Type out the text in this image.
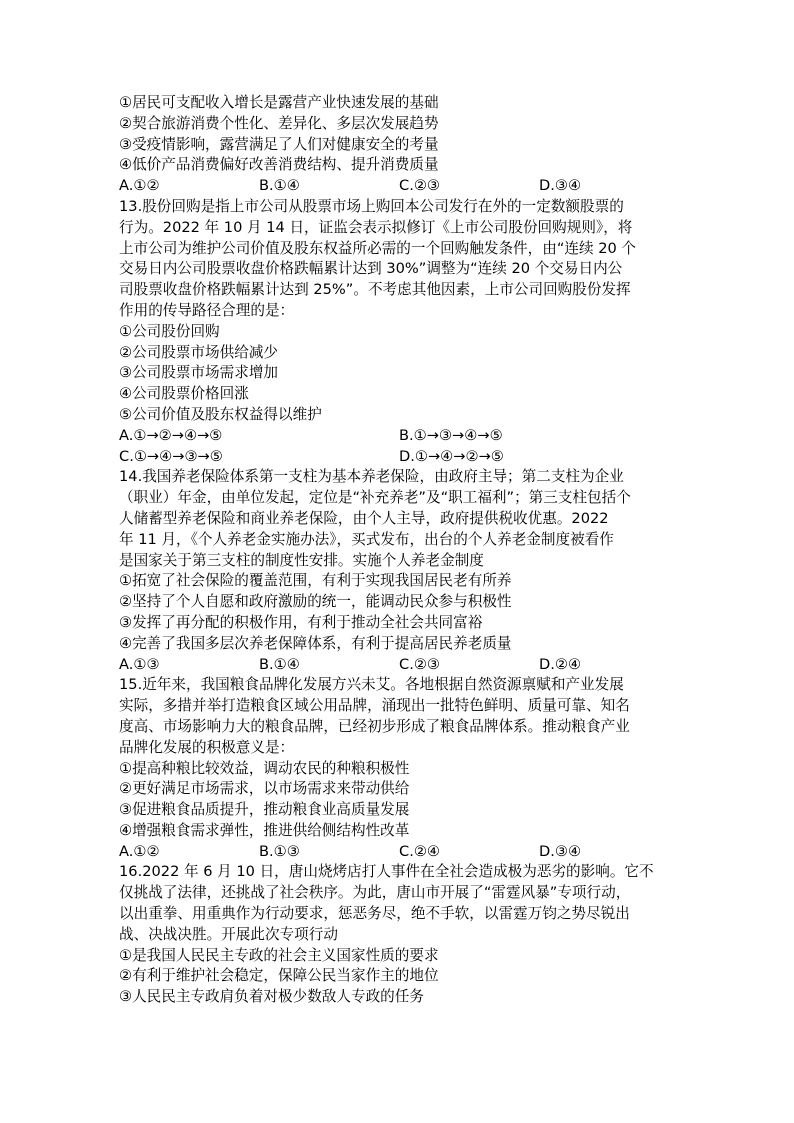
①居民可支配收入增长是露营产业快速发展的基础
②契合旅游消费个性化、差异化、多层次发展趋势
③受疫情影响，露营满足了人们对健康安全的考量
④低价产品消费偏好改善消费结构、提升消费质量
A.①②	B.①④	C.②③	D.③④
13.股份回购是指上市公司从股票市场上购回本公司发行在外的一定数额股票的
行为。2022 年 10 月 14 日，证监会表示拟修订《上市公司股份回购规则》，将
上市公司为维护公司价值及股东权益所必需的一个回购触发条件，由“连续 20 个
交易日内公司股票收盘价格跌幅累计达到 30%”调整为“连续 20 个交易日内公
司股票收盘价格跌幅累计达到 25%”。不考虑其他因素，上市公司回购股份发挥
作用的传导路径合理的是：
①公司股份回购
②公司股票市场供给减少
③公司股票市场需求增加
④公司股票价格回涨
⑤公司价值及股东权益得以维护
A.①→②→④→⑤	B.①→③→④→⑤
C.①→④→③→⑤	D.①→④→②→⑤
14.我国养老保险体系第一支柱为基本养老保险，由政府主导；第二支柱为企业
（职业）年金，由单位发起，定位是“补充养老”及“职工福利”；第三支柱包括个
人储蓄型养老保险和商业养老保险，由个人主导，政府提供税收优惠。2022
年 11 月，《个人养老金实施办法》，买式发布，出台的个人养老金制度被看作
是国家关于第三支柱的制度性安排。实施个人养老金制度
①拓宽了社会保险的覆盖范围，有利于实现我国居民老有所养
②坚持了个人自愿和政府激励的统一，能调动民众参与积极性
③发挥了再分配的积极作用，有利于推动全社会共同富裕
④完善了我国多层次养老保障体系，有利于提高居民养老质量
A.①③	B.①④	C.②③	D.②④
15.近年来，我国粮食品牌化发展方兴未艾。各地根据自然资源禀赋和产业发展
实际，多措并举打造粮食区域公用品牌，涌现出一批特色鲜明、质量可靠、知名
度高、市场影响力大的粮食品牌，已经初步形成了粮食品牌体系。推动粮食产业
品牌化发展的积极意义是：
①提高种粮比较效益，调动农民的种粮积极性
②更好满足市场需求，以市场需求来带动供给
③促进粮食品质提升，推动粮食业高质量发展
④增强粮食需求弹性，推进供给侧结构性改革
A.①②	B.①③	C.②④	D.③④
16.2022 年 6 月 10 日，唐山烧烤店打人事件在全社会造成极为恶劣的影响。它不
仅挑战了法律，还挑战了社会秩序。为此，唐山市开展了“雷霆风暴”专项行动，
以出重拳、用重典作为行动要求，惩恶务尽，绝不手软，以雷霆万钧之势尽锐出
战、决战决胜。开展此次专项行动
①是我国人民民主专政的社会主义国家性质的要求
②有利于维护社会稳定，保障公民当家作主的地位
③人民民主专政肩负着对极少数敌人专政的任务
